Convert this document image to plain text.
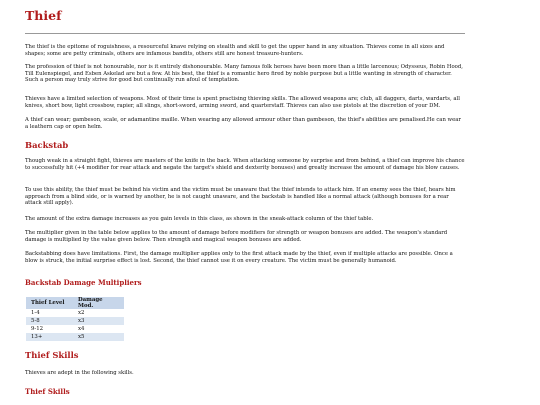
Thief

The thief is the epitome of roguishness, a resourceful knave relying on stealth and skill to get the upper hand in any situation. Thieves come in all sizes and shapes; some are petty criminals, others are infamous bandits, others still are honest treasure-hunters.

The profession of thief is not honourable, nor is it entirely dishonourable. Many famous folk heroes have been more than a little larcenous; Odysseus, Robin Hood, Till Eulenspiegel, and Esben Askelad are but a few. At his best, the thief is a romantic hero fired by noble purpose but a little wanting in strength of character. Such a person may truly strive for good but continually run afoul of temptation.

Thieves have a limited selection of weapons. Most of their time is spent practising thieving skills. The allowed weapons are; club, all daggers, darts, wardarts, all knives, short bow, light crossbow, rapier, all slings, short-sword, arming sword, and quarterstaff. Thieves can also use pistols at the discretion of your DM.

A thief can wear; gambeson, scale, or adamantine maille. When wearing any allowed armour other than gambeson, the thief's abilities are penalised.He can wear a leathern cap or open helm.

Backstab

Though weak in a straight fight, thieves are masters of the knife in the back. When attacking someone by surprise and from behind, a thief can improve his chance to successfully hit (+4 modifier for rear attack and negate the target's shield and dexterity bonuses) and greatly increase the amount of damage his blow causes.

To use this ability, the thief must be behind his victim and the victim must be unaware that the thief intends to attack him. If an enemy sees the thief, hears him approach from a blind side, or is warned by another, he is not caught unaware, and the backstab is handled like a normal attack (although bonuses for a rear attack still apply).

The amount of the extra damage increases as you gain levels in this class, as shown in the sneak-attack column of the thief table.

The multiplier given in the table below applies to the amount of damage before modifiers for strength or weapon bonuses are added. The weapon's standard damage is multiplied by the value given below. Then strength and magical weapon bonuses are added.

Backstabbing does have limitations. First, the damage multiplier applies only to the first attack made by the thief, even if multiple attacks are possible. Once a blow is struck, the initial surprise effect is lost. Second, the thief cannot use it on every creature. The victim must be generally humanoid.

Backstab Damage Multipliers
Thief Level	Damage Mod.
1-4	x2
5-8	x3
9-12	x4
13+	x5
Thief Skills

Thieves are adept in the following skills.

Thief Skills
